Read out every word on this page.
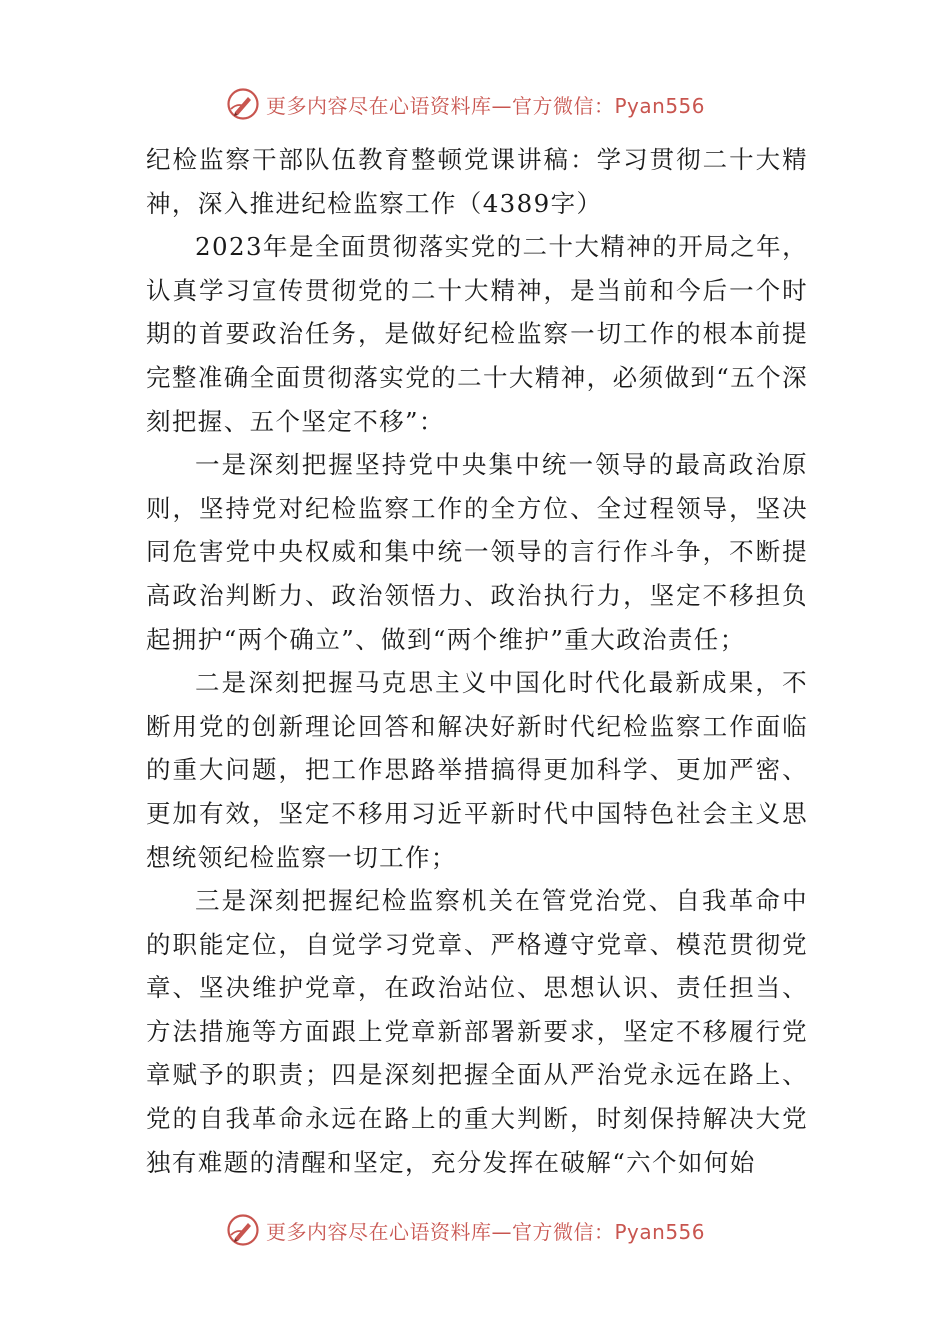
更多内容尽在心语资料库—官方微信：Pyan556

纪检监察干部队伍教育整顿党课讲稿：学习贯彻二十大精神，深入推进纪检监察工作（4389字）

2023年是全面贯彻落实党的二十大精神的开局之年，认真学习宣传贯彻党的二十大精神，是当前和今后一个时期的首要政治任务，是做好纪检监察一切工作的根本前提完整准确全面贯彻落实党的二十大精神，必须做到“五个深刻把握、五个坚定不移”：

一是深刻把握坚持党中央集中统一领导的最高政治原则，坚持党对纪检监察工作的全方位、全过程领导，坚决同危害党中央权威和集中统一领导的言行作斗争，不断提高政治判断力、政治领悟力、政治执行力，坚定不移担负起拥护“两个确立”、做到“两个维护”重大政治责任；

二是深刻把握马克思主义中国化时代化最新成果，不断用党的创新理论回答和解决好新时代纪检监察工作面临的重大问题，把工作思路举措搞得更加科学、更加严密、更加有效，坚定不移用习近平新时代中国特色社会主义思想统领纪检监察一切工作；

三是深刻把握纪检监察机关在管党治党、自我革命中的职能定位，自觉学习党章、严格遵守党章、模范贯彻党章、坚决维护党章，在政治站位、思想认识、责任担当、方法措施等方面跟上党章新部署新要求，坚定不移履行党章赋予的职责；四是深刻把握全面从严治党永远在路上、党的自我革命永远在路上的重大判断，时刻保持解决大党独有难题的清醒和坚定，充分发挥在破解“六个如何始

更多内容尽在心语资料库—官方微信：Pyan556
